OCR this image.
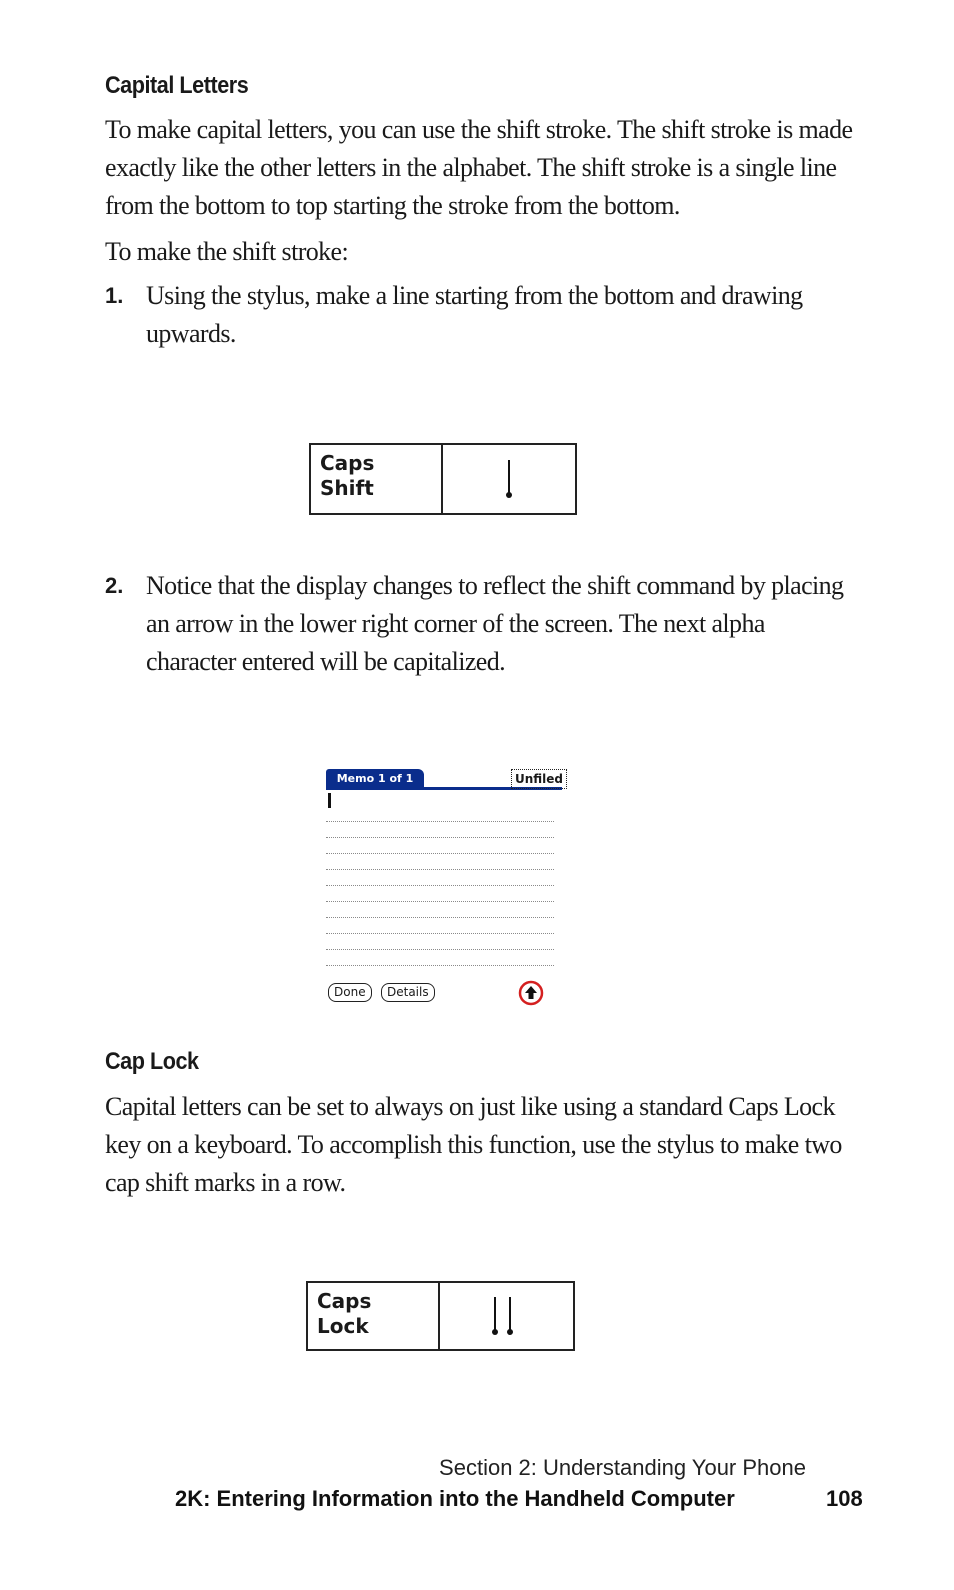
Capital Letters
To make capital letters, you can use the shift stroke. The shift stroke is made exactly like the other letters in the alphabet. The shift stroke is a single line from the bottom to top starting the stroke from the bottom.
To make the shift stroke:
1. Using the stylus, make a line starting from the bottom and drawing upwards.
Caps
Shift
2. Notice that the display changes to reflect the shift command by placing an arrow in the lower right corner of the screen. The next alpha character entered will be capitalized.
Memo 1 of 1	Unfiled
Done	Details
Cap Lock
Capital letters can be set to always on just like using a standard Caps Lock key on a keyboard. To accomplish this function, use the stylus to make two cap shift marks in a row.
Caps
Lock
Section 2: Understanding Your Phone
2K: Entering Information into the Handheld Computer	108
